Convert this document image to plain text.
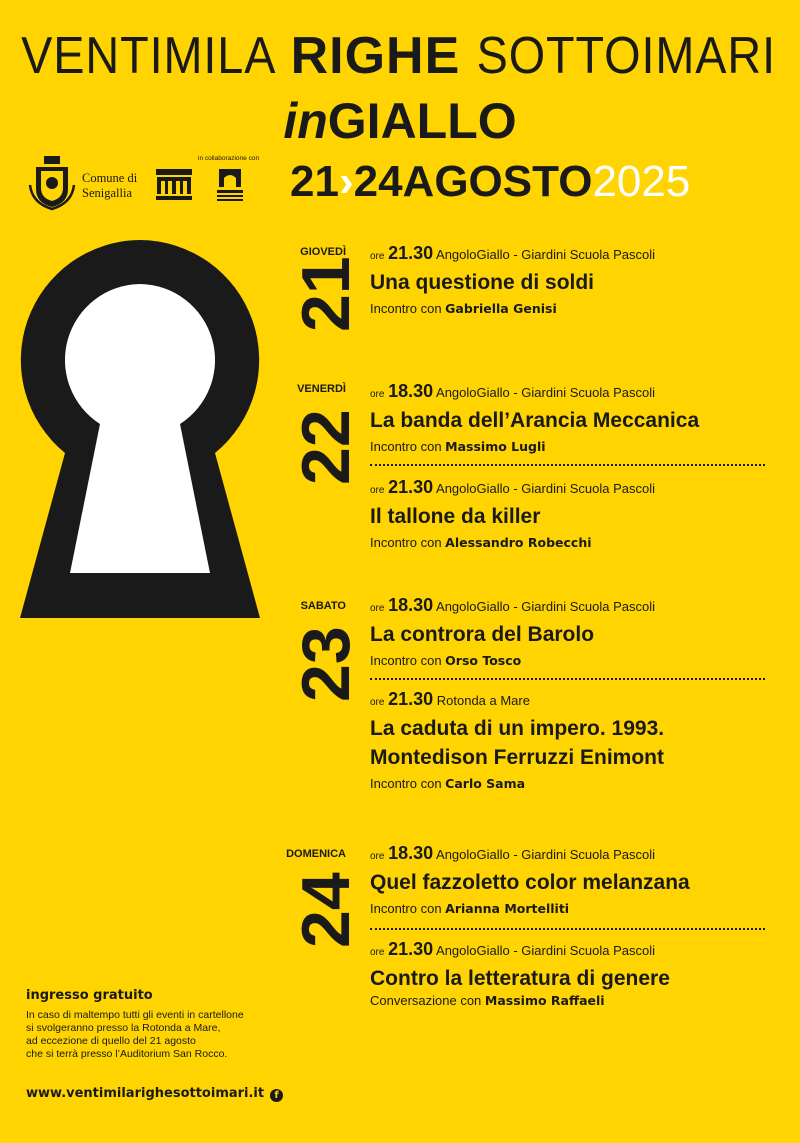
VENTIMILA RIGHE SOTTOIMARI
inGIALLO
21›24AGOSTO2025
Comune di
Senigallia
in collaborazione con
GIOVEDÌ
21
VENERDÌ
22
SABATO
23
DOMENICA
24
ore 21.30 AngoloGiallo - Giardini Scuola Pascoli
Una questione di soldi
Incontro con Gabriella Genisi
ore 18.30 AngoloGiallo - Giardini Scuola Pascoli
La banda dell’Arancia Meccanica
Incontro con Massimo Lugli
ore 21.30 AngoloGiallo - Giardini Scuola Pascoli
Il tallone da killer
Incontro con Alessandro Robecchi
ore 18.30 AngoloGiallo - Giardini Scuola Pascoli
La controra del Barolo
Incontro con Orso Tosco
ore 21.30 Rotonda a Mare
La caduta di un impero. 1993. Montedison Ferruzzi Enimont
Incontro con Carlo Sama
ore 18.30 AngoloGiallo - Giardini Scuola Pascoli
Quel fazzoletto color melanzana
Incontro con Arianna Mortelliti
ore 21.30 AngoloGiallo - Giardini Scuola Pascoli
Contro la letteratura di genere
Conversazione con Massimo Raffaeli
ingresso gratuito
In caso di maltempo tutti gli eventi in cartellone
si svolgeranno presso la Rotonda a Mare,
ad eccezione di quello del 21 agosto
che si terrà presso l’Auditorium San Rocco.
www.ventimilarighesottoimari.it f
